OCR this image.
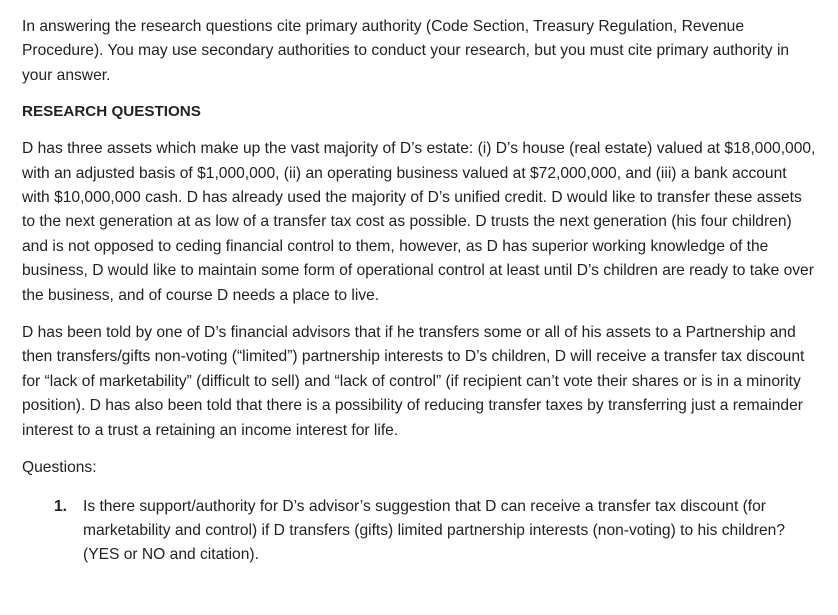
In answering the research questions cite primary authority (Code Section, Treasury Regulation, Revenue Procedure). You may use secondary authorities to conduct your research, but you must cite primary authority in your answer.

RESEARCH QUESTIONS

D has three assets which make up the vast majority of D’s estate: (i) D’s house (real estate) valued at $18,000,000, with an adjusted basis of $1,000,000, (ii) an operating business valued at $72,000,000, and (iii) a bank account with $10,000,000 cash. D has already used the majority of D’s unified credit. D would like to transfer these assets to the next generation at as low of a transfer tax cost as possible. D trusts the next generation (his four children) and is not opposed to ceding financial control to them, however, as D has superior working knowledge of the business, D would like to maintain some form of operational control at least until D’s children are ready to take over the business, and of course D needs a place to live.

D has been told by one of D’s financial advisors that if he transfers some or all of his assets to a Partnership and then transfers/gifts non-voting (“limited”) partnership interests to D’s children, D will receive a transfer tax discount for “lack of marketability” (difficult to sell) and “lack of control” (if recipient can’t vote their shares or is in a minority position). D has also been told that there is a possibility of reducing transfer taxes by transferring just a remainder interest to a trust a retaining an income interest for life.

Questions:

1. Is there support/authority for D’s advisor’s suggestion that D can receive a transfer tax discount (for marketability and control) if D transfers (gifts) limited partnership interests (non-voting) to his children? (YES or NO and citation).
